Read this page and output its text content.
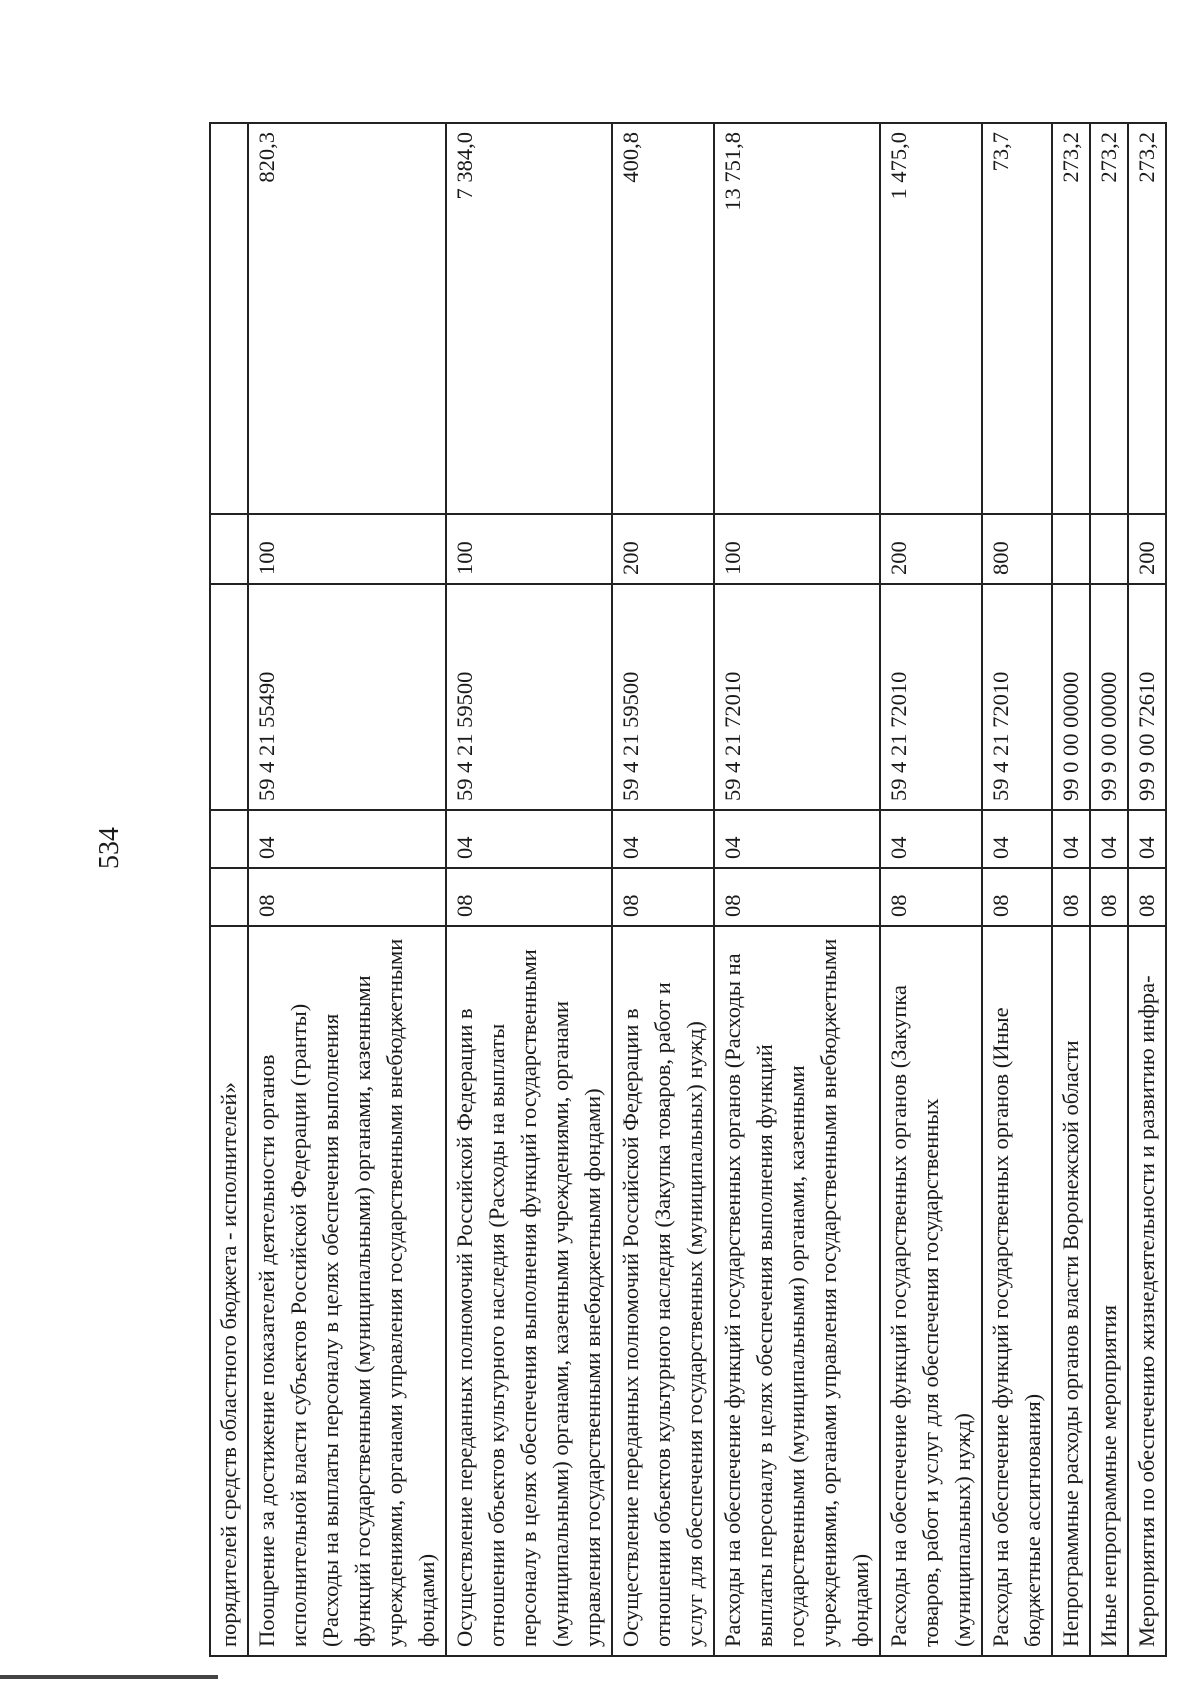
534
порядителей средств областного бюджета - исполнителей»					
Поощрение за достижение показателей деятельности органов исполнительной власти субъектов Российской Федерации (гранты) (Расходы на выплаты персоналу в целях обеспечения выполнения функций государственными (муниципальными) органами, казенными учреждениями, органами управления государственными внебюджетными фондами)	08	04	59 4 21 55490	100	820,3
Осуществление переданных полномочий Российской Федерации в отношении объектов культурного наследия (Расходы на выплаты персоналу в целях обеспечения выполнения функций государственными (муниципальными) органами, казенными учреждениями, органами управления государственными внебюджетными фондами)	08	04	59 4 21 59500	100	7 384,0
Осуществление переданных полномочий Российской Федерации в отношении объектов культурного наследия (Закупка товаров, работ и услуг для обеспечения государственных (муниципальных) нужд)	08	04	59 4 21 59500	200	400,8
Расходы на обеспечение функций государственных органов (Расходы на выплаты персоналу в целях обеспечения выполнения функций государственными (муниципальными) органами, казенными учреждениями, органами управления государственными внебюджетными фондами)	08	04	59 4 21 72010	100	13 751,8
Расходы на обеспечение функций государственных органов (Закупка товаров, работ и услуг для обеспечения государственных (муниципальных) нужд)	08	04	59 4 21 72010	200	1 475,0
Расходы на обеспечение функций государственных органов (Иные бюджетные ассигнования)	08	04	59 4 21 72010	800	73,7
Непрограммные расходы органов власти Воронежской области	08	04	99 0 00 00000		273,2
Иные непрограммные мероприятия	08	04	99 9 00 00000		273,2
Мероприятия по обеспечению жизнедеятельности и развитию инфра-	08	04	99 9 00 72610	200	273,2
